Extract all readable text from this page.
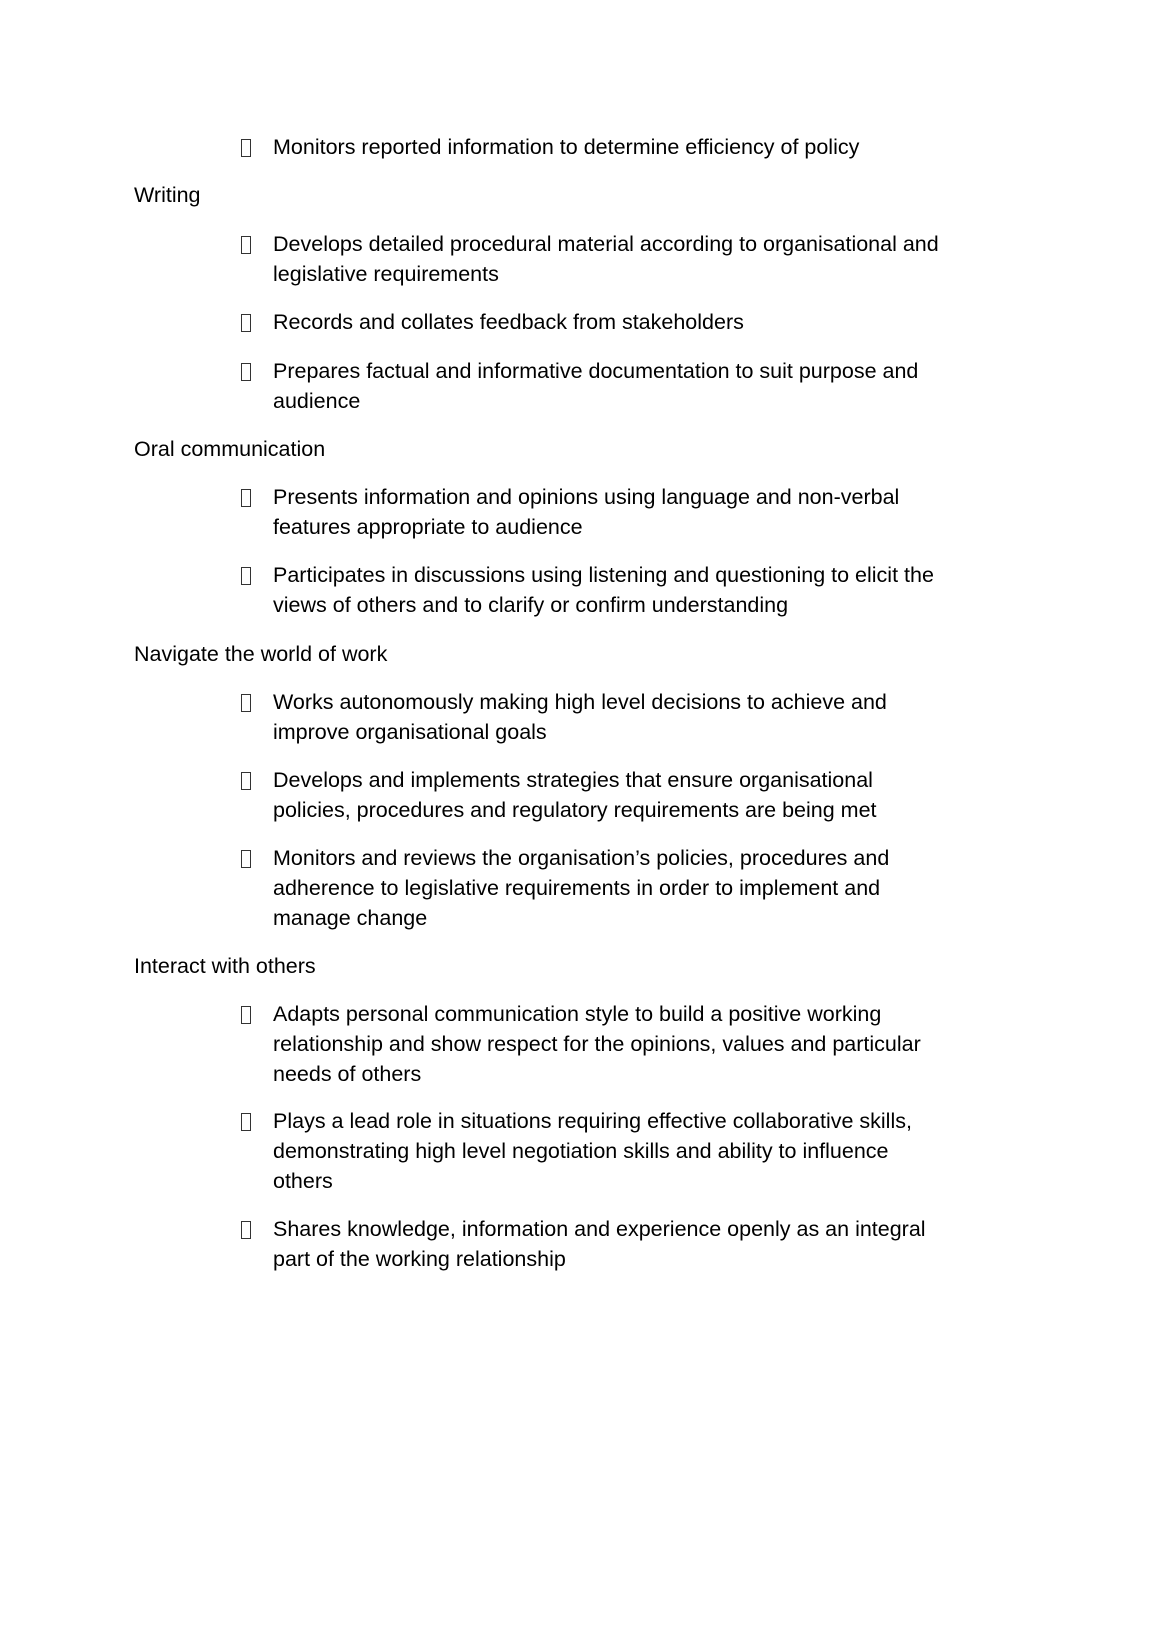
Monitors reported information to determine efficiency of policy
Writing
Develops detailed procedural material according to organisational and
legislative requirements
Records and collates feedback from stakeholders
Prepares factual and informative documentation to suit purpose and
audience
Oral communication
Presents information and opinions using language and non-verbal
features appropriate to audience
Participates in discussions using listening and questioning to elicit the
views of others and to clarify or confirm understanding
Navigate the world of work
Works autonomously making high level decisions to achieve and
improve organisational goals
Develops and implements strategies that ensure organisational
policies, procedures and regulatory requirements are being met
Monitors and reviews the organisation’s policies, procedures and
adherence to legislative requirements in order to implement and
manage change
Interact with others
Adapts personal communication style to build a positive working
relationship and show respect for the opinions, values and particular
needs of others
Plays a lead role in situations requiring effective collaborative skills,
demonstrating high level negotiation skills and ability to influence
others
Shares knowledge, information and experience openly as an integral
part of the working relationship
